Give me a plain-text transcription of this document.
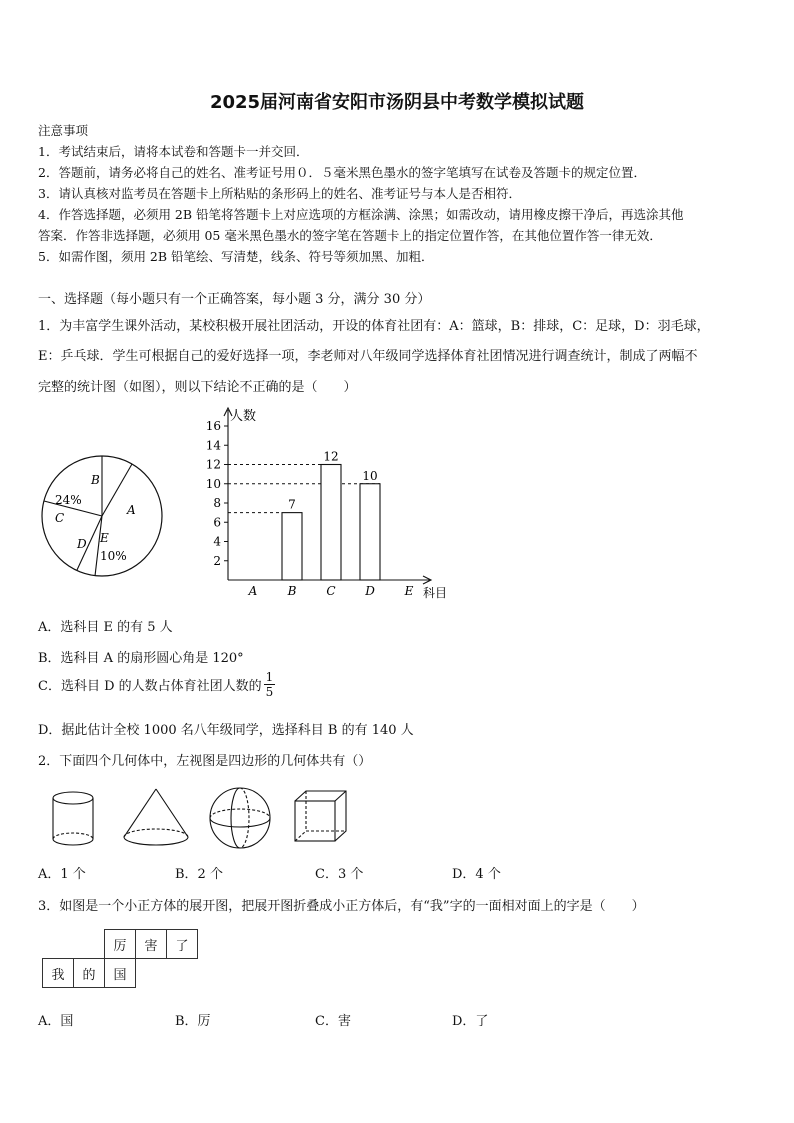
2025届河南省安阳市汤阴县中考数学模拟试题
注意事项
1．考试结束后，请将本试卷和答题卡一并交回．
2．答题前，请务必将自己的姓名、准考证号用０．５毫米黑色墨水的签字笔填写在试卷及答题卡的规定位置．
3．请认真核对监考员在答题卡上所粘贴的条形码上的姓名、准考证号与本人是否相符．
4．作答选择题，必须用 2B 铅笔将答题卡上对应选项的方框涂满、涂黑；如需改动，请用橡皮擦干净后，再选涂其他
答案．作答非选择题，必须用 05 毫米黑色墨水的签字笔在答题卡上的指定位置作答，在其他位置作答一律无效．
5．如需作图，须用 2B 铅笔绘、写清楚，线条、符号等须加黑、加粗．
一、选择题（每小题只有一个正确答案，每小题 3 分，满分 30 分）
1．为丰富学生课外活动，某校积极开展社团活动，开设的体育社团有：A：篮球，B：排球，C：足球，D：羽毛球，
E：乒乓球．学生可根据自己的爱好选择一项，李老师对八年级同学选择体育社团情况进行调查统计，制成了两幅不
完整的统计图（如图），则以下结论不正确的是（　　）
B
A
24%
C
D E
10%
人数
科目
2
4
6
8
10
12
14
16
7
12
10
A	B C D E
A．选科目 E 的有 5 人
B．选科目 A 的扇形圆心角是 120°
C．选科目 D 的人数占体育社团人数的 $\frac{1}{5}$
D．据此估计全校 1000 名八年级同学，选择科目 B 的有 140 人
2．下面四个几何体中，左视图是四边形的几何体共有（）
A．1 个	B．2 个	C．3 个	D．4 个
3．如图是一个小正方体的展开图，把展开图折叠成小正方体后，有“我”字的一面相对面上的字是（　　）
		厉	害	了
我	的	国		
A．国	B．厉	C．害	D．了
